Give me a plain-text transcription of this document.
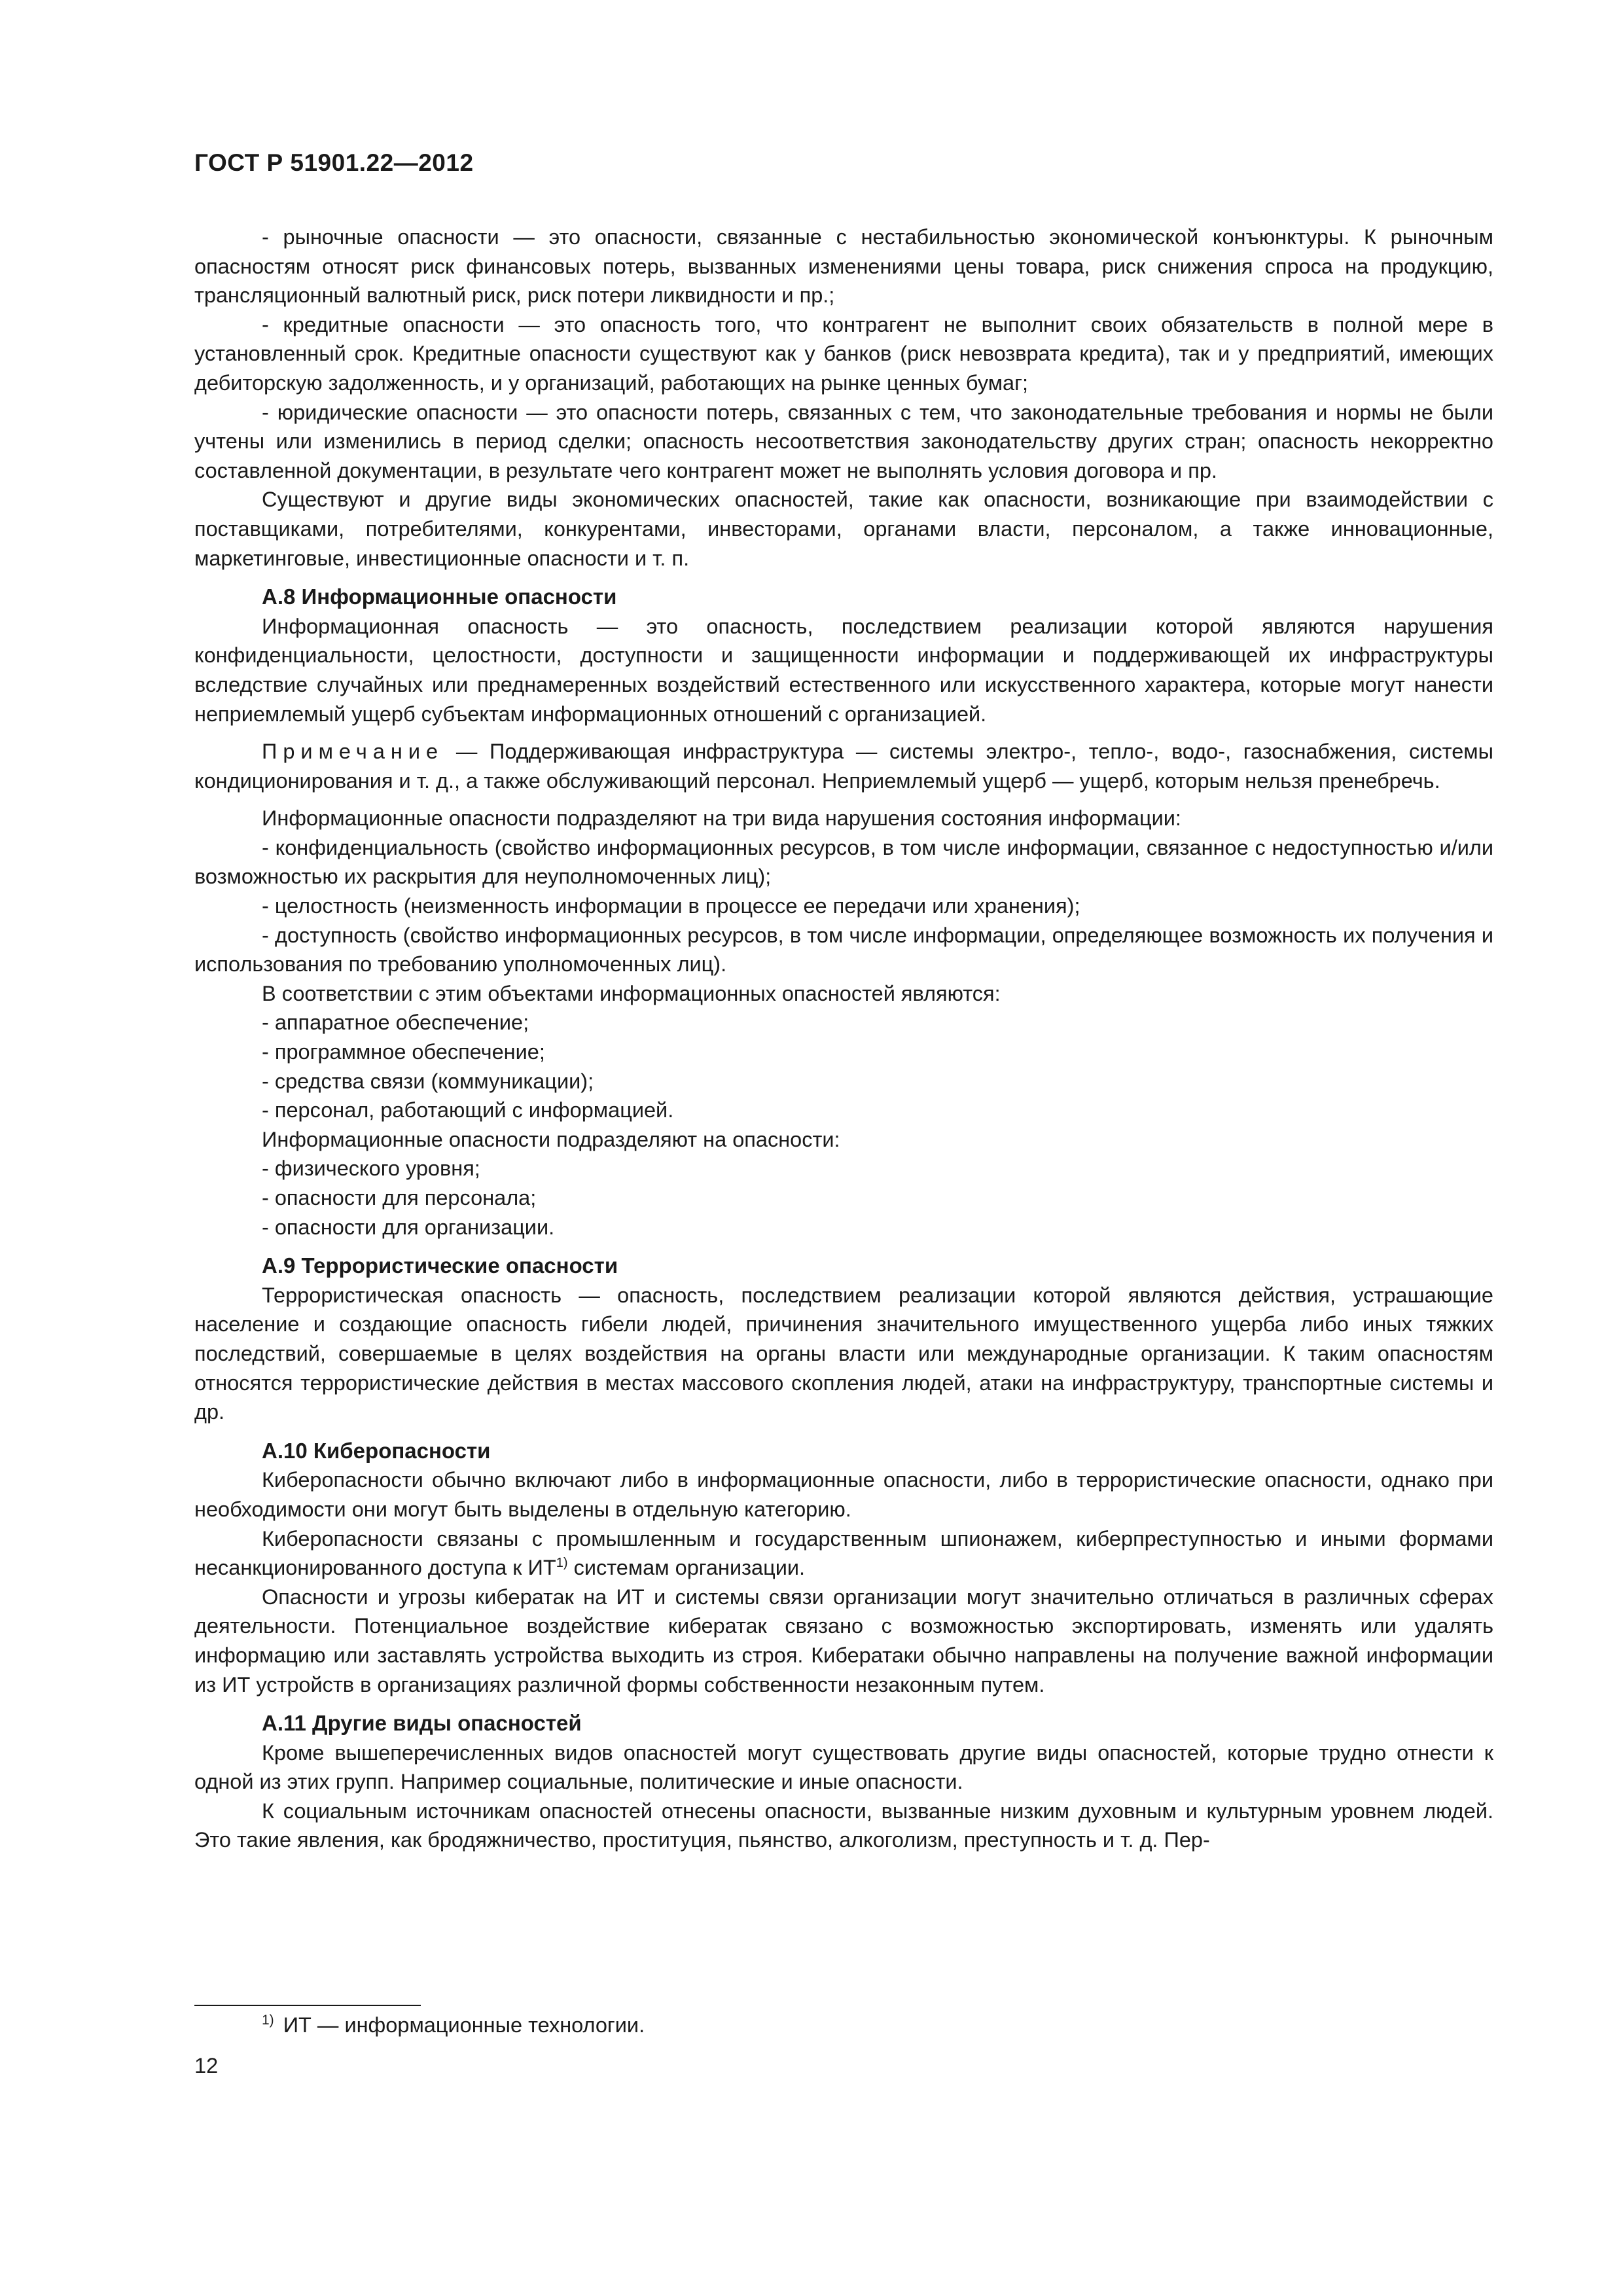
ГОСТ Р 51901.22—2012

- рыночные опасности — это опасности, связанные с нестабильностью экономической конъюнктуры. К рыночным опасностям относят риск финансовых потерь, вызванных изменениями цены товара, риск снижения спроса на продукцию, трансляционный валютный риск, риск потери ликвидности и пр.;

- кредитные опасности — это опасность того, что контрагент не выполнит своих обязательств в полной мере в установленный срок. Кредитные опасности существуют как у банков (риск невозврата кредита), так и у предприятий, имеющих дебиторскую задолженность, и у организаций, работающих на рынке ценных бумаг;

- юридические опасности — это опасности потерь, связанных с тем, что законодательные требования и нормы не были учтены или изменились в период сделки; опасность несоответствия законодательству других стран; опасность некорректно составленной документации, в результате чего контрагент может не выполнять условия договора и пр.

Существуют и другие виды экономических опасностей, такие как опасности, возникающие при взаимодействии с поставщиками, потребителями, конкурентами, инвесторами, органами власти, персоналом, а также инновационные, маркетинговые, инвестиционные опасности и т. п.

А.8 Информационные опасности

Информационная опасность — это опасность, последствием реализации которой являются нарушения конфиденциальности, целостности, доступности и защищенности информации и поддерживающей их инфраструктуры вследствие случайных или преднамеренных воздействий естественного или искусственного характера, которые могут нанести неприемлемый ущерб субъектам информационных отношений с организацией.

Примечание — Поддерживающая инфраструктура — системы электро-, тепло-, водо-, газоснабжения, системы кондиционирования и т. д., а также обслуживающий персонал. Неприемлемый ущерб — ущерб, которым нельзя пренебречь.

Информационные опасности подразделяют на три вида нарушения состояния информации:

- конфиденциальность (свойство информационных ресурсов, в том числе информации, связанное с недоступностью и/или возможностью их раскрытия для неуполномоченных лиц);

- целостность (неизменность информации в процессе ее передачи или хранения);

- доступность (свойство информационных ресурсов, в том числе информации, определяющее возможность их получения и использования по требованию уполномоченных лиц).

В соответствии с этим объектами информационных опасностей являются:

- аппаратное обеспечение;

- программное обеспечение;

- средства связи (коммуникации);

- персонал, работающий с информацией.

Информационные опасности подразделяют на опасности:

- физического уровня;

- опасности для персонала;

- опасности для организации.

А.9 Террористические опасности

Террористическая опасность — опасность, последствием реализации которой являются действия, устрашающие население и создающие опасность гибели людей, причинения значительного имущественного ущерба либо иных тяжких последствий, совершаемые в целях воздействия на органы власти или международные организации. К таким опасностям относятся террористические действия в местах массового скопления людей, атаки на инфраструктуру, транспортные системы и др.

А.10 Киберопасности

Киберопасности обычно включают либо в информационные опасности, либо в террористические опасности, однако при необходимости они могут быть выделены в отдельную категорию.

Киберопасности связаны с промышленным и государственным шпионажем, киберпреступностью и иными формами несанкционированного доступа к ИТ$^{1)}$ системам организации.

Опасности и угрозы кибератак на ИТ и системы связи организации могут значительно отличаться в различных сферах деятельности. Потенциальное воздействие кибератак связано с возможностью экспортировать, изменять или удалять информацию или заставлять устройства выходить из строя. Кибератаки обычно направлены на получение важной информации из ИТ устройств в организациях различной формы собственности незаконным путем.

А.11 Другие виды опасностей

Кроме вышеперечисленных видов опасностей могут существовать другие виды опасностей, которые трудно отнести к одной из этих групп. Например социальные, политические и иные опасности.

К социальным источникам опасностей отнесены опасности, вызванные низким духовным и культурным уровнем людей. Это такие явления, как бродяжничество, проституция, пьянство, алкоголизм, преступность и т. д. Пер-

$^{1)}$ ИТ — информационные технологии.
12
